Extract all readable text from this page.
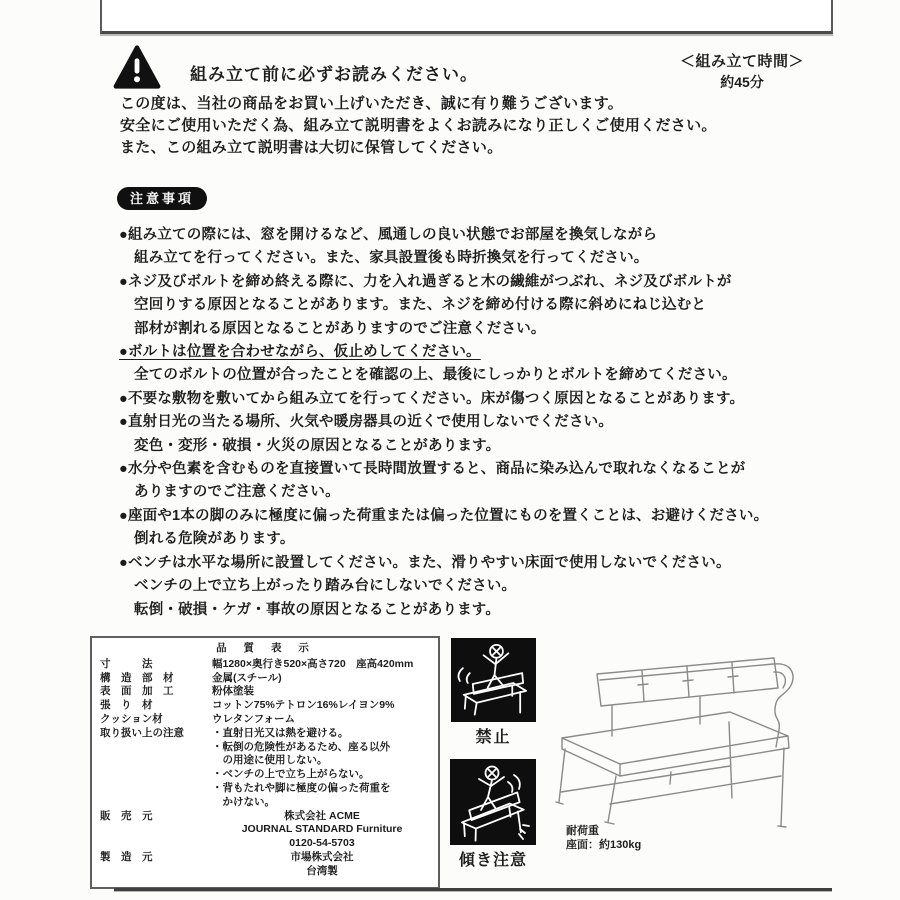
組み立て前に必ずお読みください。
＜組み立て時間＞
約45分
この度は、当社の商品をお買い上げいただき、誠に有り難うございます。
安全にご使用いただく為、組み立て説明書をよくお読みになり正しくご使用ください。
また、この組み立て説明書は大切に保管してください。
注意事項
●組み立ての際には、窓を開けるなど、風通しの良い状態でお部屋を換気しながら
組み立てを行ってください。また、家具設置後も時折換気を行ってください。
●ネジ及びボルトを締め終える際に、力を入れ過ぎると木の繊維がつぶれ、ネジ及びボルトが
空回りする原因となることがあります。また、ネジを締め付ける際に斜めにねじ込むと
部材が割れる原因となることがありますのでご注意ください。
●ボルトは位置を合わせながら、仮止めしてください。
全てのボルトの位置が合ったことを確認の上、最後にしっかりとボルトを締めてください。
●不要な敷物を敷いてから組み立てを行ってください。床が傷つく原因となることがあります。
●直射日光の当たる場所、火気や暖房器具の近くで使用しないでください。
変色・変形・破損・火災の原因となることがあります。
●水分や色素を含むものを直接置いて長時間放置すると、商品に染み込んで取れなくなることが
ありますのでご注意ください。
●座面や1本の脚のみに極度に偏った荷重または偏った位置にものを置くことは、お避けください。
倒れる危険があります。
●ベンチは水平な場所に設置してください。また、滑りやすい床面で使用しないでください。
ベンチの上で立ち上がったり踏み台にしないでください。
転倒・破損・ケガ・事故の原因となることがあります。
品 質 表 示
寸　　　法	幅1280×奥行き520×高さ720　座高420mm
構　造　部　材	金属(スチール)
表　面　加　工	粉体塗装
張　り　材	コットン75%テトロン16%レイヨン9%
クッション材	ウレタンフォーム
取り扱い上の注意	・直射日光又は熱を避ける。
・転倒の危険性があるため、座る以外
　の用途に使用しない。
・ベンチの上で立ち上がらない。
・背もたれや脚に極度の偏った荷重を
　かけない。
販　売　元	株式会社 ACME
JOURNAL STANDARD Furniture
0120-54-5703
製　造　元	市場株式会社
台湾製
禁止
傾き注意
耐荷重
座面：約130kg
